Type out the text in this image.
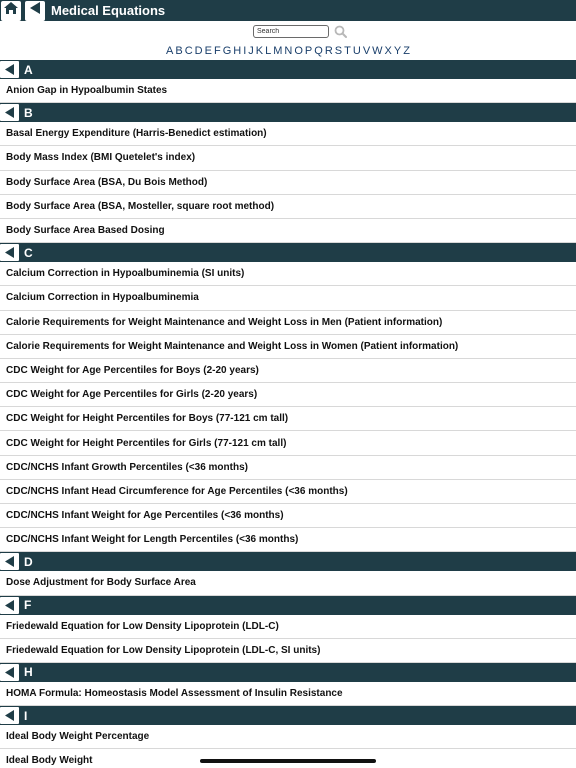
Medical Equations
Search
A B C D E F G H I J K L M N O P Q R S T U V W X Y Z
A
Anion Gap in Hypoalbumin States
B
Basal Energy Expenditure (Harris-Benedict estimation)
Body Mass Index (BMI Quetelet's index)
Body Surface Area (BSA, Du Bois Method)
Body Surface Area (BSA, Mosteller, square root method)
Body Surface Area Based Dosing
C
Calcium Correction in Hypoalbuminemia (SI units)
Calcium Correction in Hypoalbuminemia
Calorie Requirements for Weight Maintenance and Weight Loss in Men (Patient information)
Calorie Requirements for Weight Maintenance and Weight Loss in Women (Patient information)
CDC Weight for Age Percentiles for Boys (2-20 years)
CDC Weight for Age Percentiles for Girls (2-20 years)
CDC Weight for Height Percentiles for Boys (77-121 cm tall)
CDC Weight for Height Percentiles for Girls (77-121 cm tall)
CDC/NCHS Infant Growth Percentiles (<36 months)
CDC/NCHS Infant Head Circumference for Age Percentiles (<36 months)
CDC/NCHS Infant Weight for Age Percentiles (<36 months)
CDC/NCHS Infant Weight for Length Percentiles (<36 months)
D
Dose Adjustment for Body Surface Area
F
Friedewald Equation for Low Density Lipoprotein (LDL-C)
Friedewald Equation for Low Density Lipoprotein (LDL-C, SI units)
H
HOMA Formula: Homeostasis Model Assessment of Insulin Resistance
I
Ideal Body Weight Percentage
Ideal Body Weight
